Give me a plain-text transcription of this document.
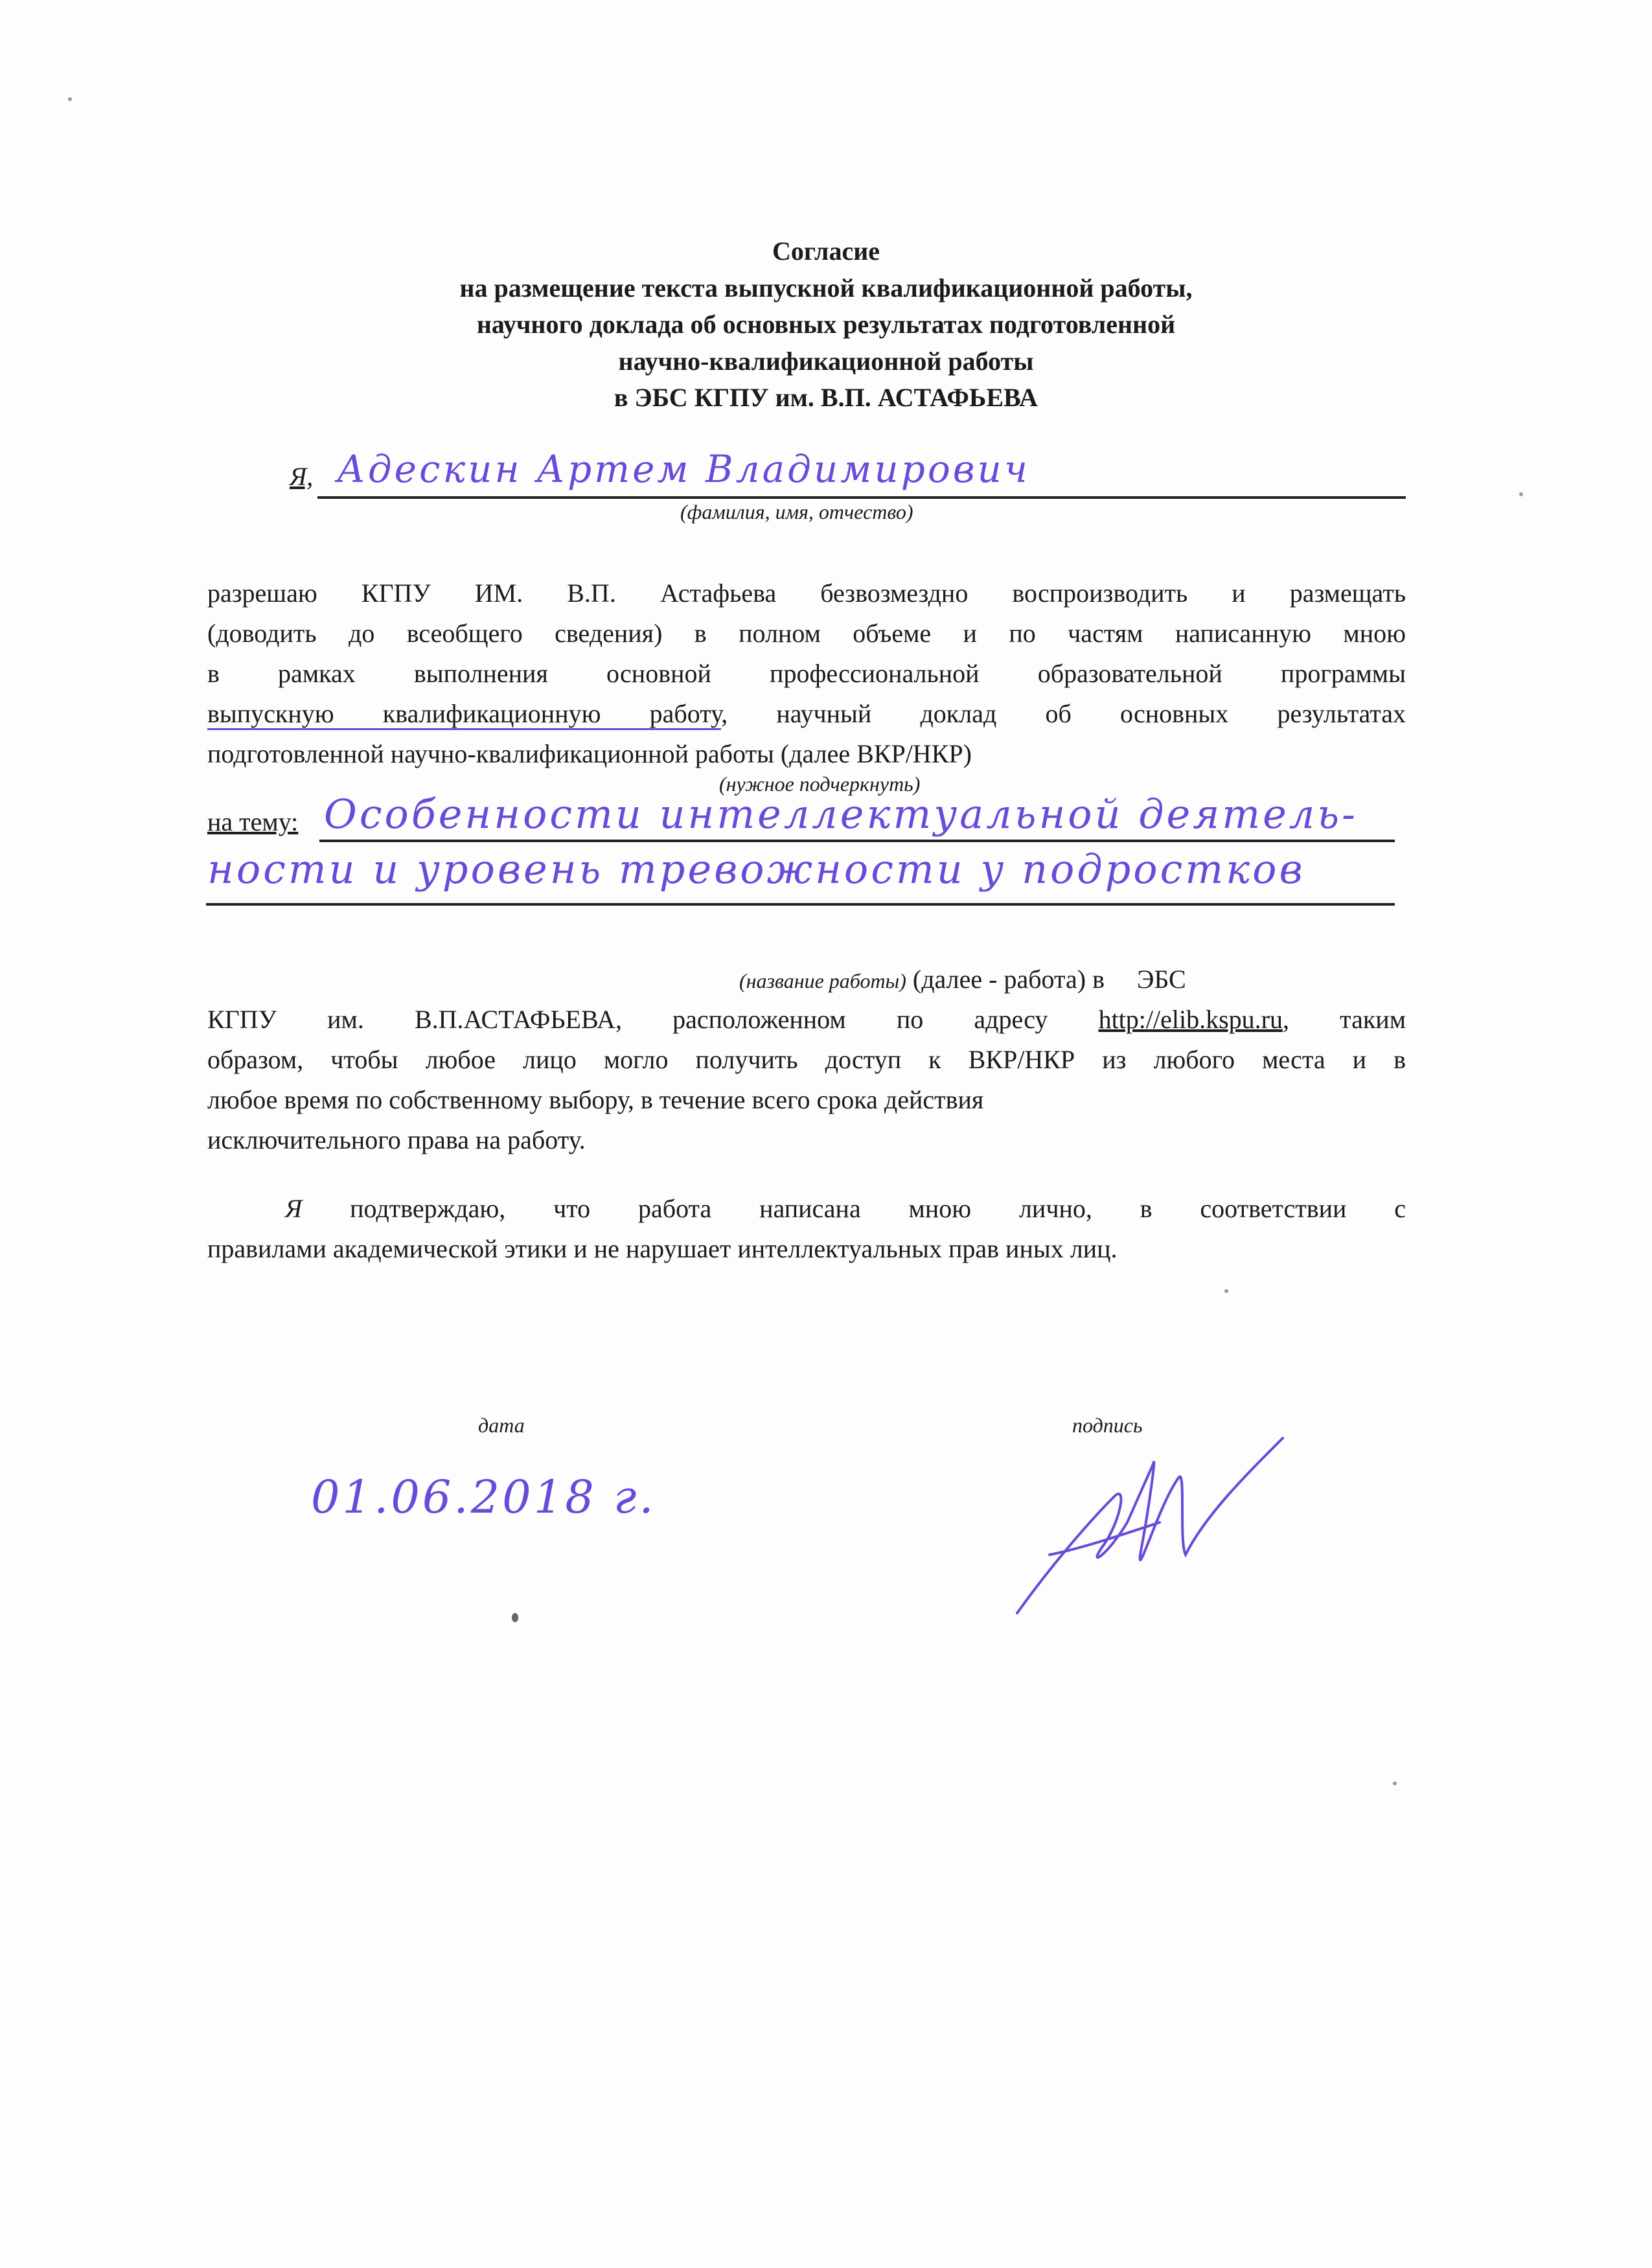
Согласие
на размещение текста выпускной квалификационной работы,
научного доклада об основных результатах подготовленной
научно-квалификационной работы
в ЭБС КГПУ им. В.П. АСТАФЬЕВА
Я, Адескин Артем Владимирович
(фамилия, имя, отчество)
разрешаю КГПУ ИМ. В.П. Астафьева безвозмездно воспроизводить и размещать
(доводить до всеобщего сведения) в полном объеме и по частям написанную мною
в рамках выполнения основной профессиональной образовательной программы
выпускную квалификационную работу, научный доклад об основных результатах
подготовленной научно-квалификационной работы (далее ВКР/НКР)
(нужное подчеркнуть)
на тему: Особенности интеллектуальной деятель-
ности и уровень тревожности у подростков
(название работы) (далее - работа) в     ЭБС
КГПУ им. В.П.АСТАФЬЕВА, расположенном по адресу http://elib.kspu.ru, таким
образом, чтобы любое лицо могло получить доступ к ВКР/НКР из любого места и в
любое время по собственному выбору, в течение всего срока действия
исключительного права на работу.
Я подтверждаю, что работа написана мною лично, в соответствии с
правилами академической этики и не нарушает интеллектуальных прав иных лиц.
дата
01.06.2018 г.
подпись
